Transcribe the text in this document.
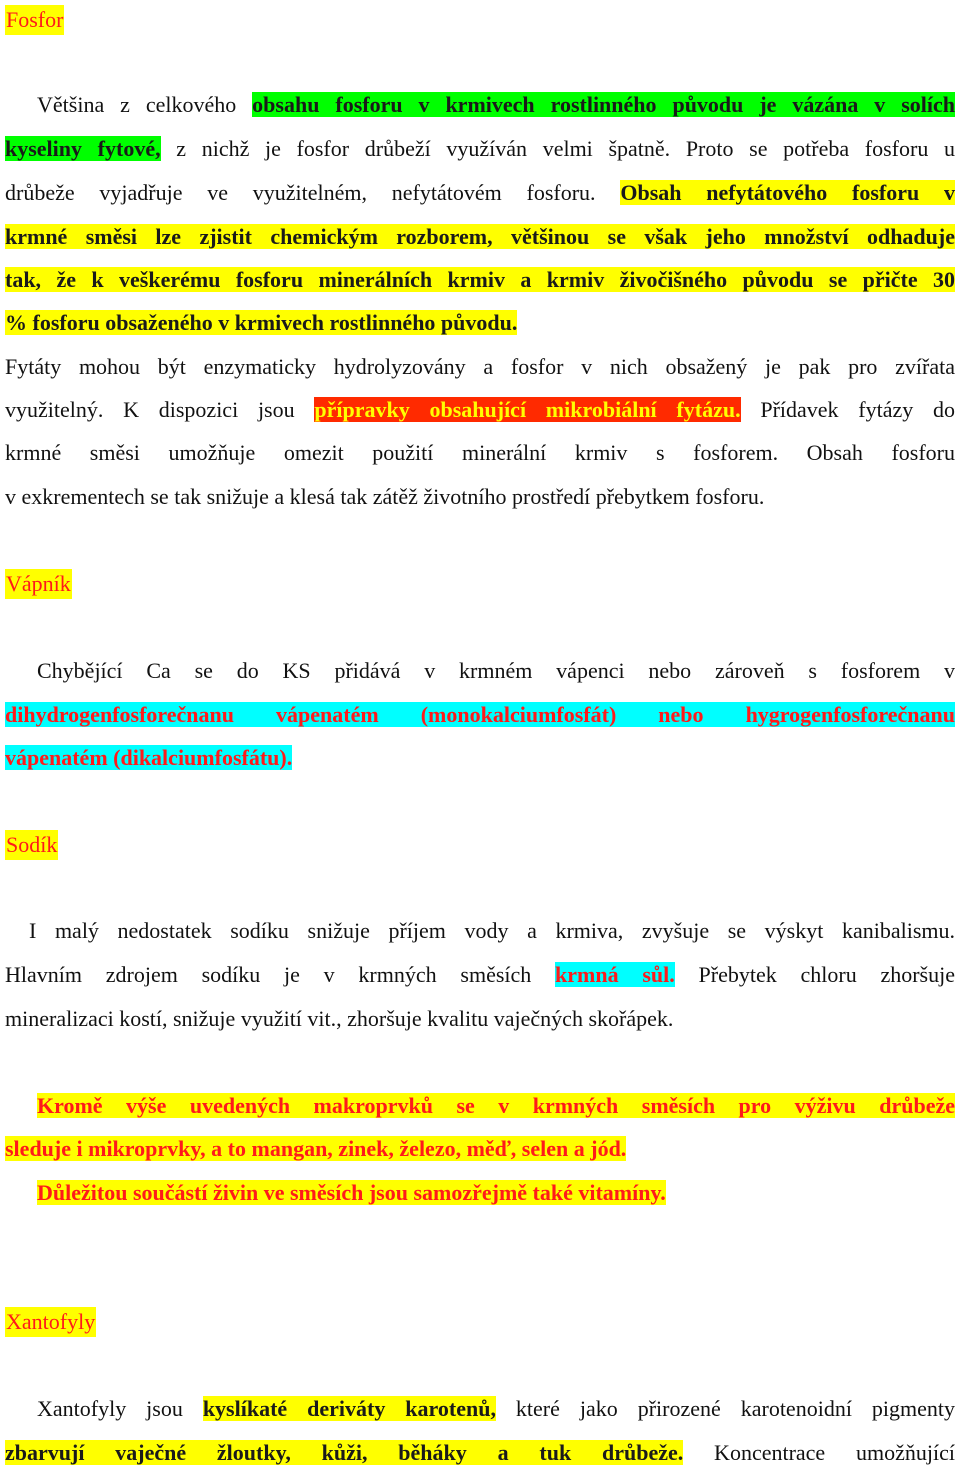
Fosfor
Většina z celkového obsahu fosforu v krmivech rostlinného původu je vázána v solích
kyseliny fytové, z nichž je fosfor drůbeží využíván velmi špatně. Proto se potřeba fosforu u
drůbeže vyjadřuje ve využitelném, nefytátovém fosforu. Obsah nefytátového fosforu v
krmné směsi lze zjistit chemickým rozborem, většinou se však jeho množství odhaduje
tak, že k veškerému fosforu minerálních krmiv a krmiv živočišného původu se přičte 30
% fosforu obsaženého v krmivech rostlinného původu.
Fytáty mohou být enzymaticky hydrolyzovány a fosfor v nich obsažený je pak pro zvířata
využitelný. K dispozici jsou přípravky obsahující mikrobiální fytázu. Přídavek fytázy do
krmné směsi umožňuje omezit použití minerální krmiv s fosforem. Obsah fosforu
v exkrementech se tak snižuje a klesá tak zátěž životního prostředí přebytkem fosforu.
Vápník
Chybějící Ca se do KS přidává v krmném vápenci nebo zároveň s fosforem v
dihydrogenfosforečnanu vápenatém (monokalciumfosfát) nebo hygrogenfosforečnanu
vápenatém (dikalciumfosfátu).
Sodík
I malý nedostatek sodíku snižuje příjem vody a krmiva, zvyšuje se výskyt kanibalismu.
Hlavním zdrojem sodíku je v krmných směsích krmná sůl. Přebytek chloru zhoršuje
mineralizaci kostí, snižuje využití vit., zhoršuje kvalitu vaječných skořápek.
Kromě výše uvedených makroprvků se v krmných směsích pro výživu drůbeže
sleduje i mikroprvky, a to mangan, zinek, železo, měď, selen a jód.
Důležitou součástí živin ve směsích jsou samozřejmě také vitamíny.
Xantofyly
Xantofyly jsou kyslíkaté deriváty karotenů, které jako přirozené karotenoidní pigmenty
zbarvují vaječné žloutky, kůži, běháky a tuk drůbeže. Koncentrace umožňující
